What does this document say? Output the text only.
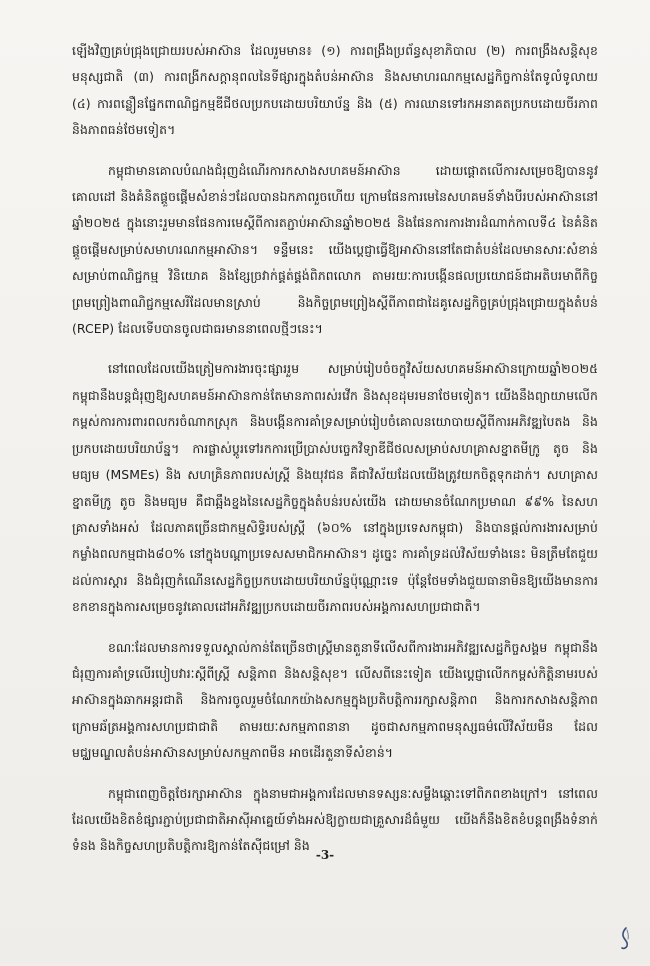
ឡើងវិញគ្រប់ជ្រុងជ្រោយរបស់អាស៊ាន ដែលរួមមាន៖ (១) ការពង្រឹងប្រព័ន្ធសុខាភិបាល (២) ការពង្រឹងសន្តិសុខមនុស្សជាតិ (៣) ការពង្រីកសក្តានុពលនៃទីផ្សារក្នុងតំបន់អាស៊ាន និងសមាហរណកម្មសេដ្ឋកិច្ចកាន់តែទូលំទូលាយ (៤) ការពន្លឿនផ្នែកពាណិជ្ជកម្មឌីជីថលប្រកបដោយបរិយាប័ន្ន និង (៥) ការឈានទៅរកអនាគតប្រកបដោយចីរភាព និងភាពធន់ថែមទៀត។

កម្ពុជាមានគោលបំណងជំរុញដំណើរការកសាងសហគមន៍អាស៊ាន ដោយផ្តោតលើការសម្រេចឱ្យបាននូវគោលដៅ និងគំនិតផ្តួចផ្តើមសំខាន់ៗដែលបានឯកភាពរួចហើយ ក្រោមផែនការមេនៃសហគមន៍ទាំងបីរបស់អាស៊ាននៅឆ្នាំ២០២៥ ក្នុងនោះរួមមានផែនការមេស្តីពីការតភ្ជាប់អាស៊ានឆ្នាំ២០២៥ និងផែនការការងារដំណាក់កាលទី៤ នៃគំនិតផ្តួចផ្តើមសម្រាប់សមាហរណកម្មអាស៊ាន។ ទន្ទឹមនេះ យើងប្តេជ្ញាធ្វើឱ្យអាស៊ាននៅតែជាតំបន់ដែលមានសារៈសំខាន់សម្រាប់ពាណិជ្ជកម្ម វិនិយោគ និងខ្សែច្រវាក់ផ្គត់ផ្គង់ពិភពលោក តាមរយៈការបង្កើនផលប្រយោជន៍ជាអតិបរមាពីកិច្ចព្រមព្រៀងពាណិជ្ជកម្មសេរីដែលមានស្រាប់ និងកិច្ចព្រមព្រៀងស្តីពីភាពជាដៃគូសេដ្ឋកិច្ចគ្រប់ជ្រុងជ្រោយក្នុងតំបន់ (RCEP) ដែលទើបបានចូលជាធរមាននាពេលថ្មីៗនេះ។

នៅពេលដែលយើងត្រៀមការងារចុះផ្សាររួម សម្រាប់រៀបចំចក្ខុវិស័យសហគមន៍អាស៊ានក្រោយឆ្នាំ២០២៥ កម្ពុជានឹងបន្តជំរុញឱ្យសហគមន៍អាស៊ានកាន់តែមានភាពរស់រវើក និងសុខដុមរមនាថែមទៀត។ យើងនឹងព្យាយាមលើកកម្ពស់ការការពារពលករចំណាកស្រុក និងបង្កើនការគាំទ្រសម្រាប់រៀបចំគោលនយោបាយស្តីពីការអភិវឌ្ឍបៃតង និងប្រកបដោយបរិយាប័ន្ន។ ការផ្លាស់ប្តូរទៅរកការប្រើប្រាស់បច្ចេកវិទ្យាឌីជីថលសម្រាប់សហគ្រាសខ្នាតមីក្រូ តូច និងមធ្យម (MSMEs) និង សហគ្រិនភាពរបស់ស្ត្រី និងយុវជន គឺជាវិស័យដែលយើងត្រូវយកចិត្តទុកដាក់។ សហគ្រាសខ្នាតមីក្រូ តូច និងមធ្យម គឺជាឆ្អឹងខ្នងនៃសេដ្ឋកិច្ចក្នុងតំបន់របស់យើង ដោយមានចំណែកប្រមាណ ៩៩% នៃសហគ្រាសទាំងអស់ ដែលភាគច្រើនជាកម្មសិទ្ធិរបស់ស្ត្រី (៦០% នៅក្នុងប្រទេសកម្ពុជា) និងបានផ្តល់ការងារសម្រាប់កម្លាំងពលកម្មជាង៨០% នៅក្នុងបណ្តាប្រទេសសមាជិកអាស៊ាន។ ដូច្នេះ ការគាំទ្រដល់វិស័យទាំងនេះ មិនត្រឹមតែជួយដល់ការស្តារ និងជំរុញកំណើនសេដ្ឋកិច្ចប្រកបដោយបរិយាប័ន្នប៉ុណ្ណោះទេ ប៉ុន្តែថែមទាំងជួយធានាមិនឱ្យយើងមានការខកខានក្នុងការសម្រេចនូវគោលដៅអភិវឌ្ឍប្រកបដោយចីរភាពរបស់អង្គការសហប្រជាជាតិ។

ខណៈដែលមានការទទួលស្គាល់កាន់តែច្រើនថាស្ត្រីមានតួនាទីលើសពីការងារអភិវឌ្ឍសេដ្ឋកិច្ចសង្គម កម្ពុជានឹងជំរុញការគាំទ្រលើរបៀបវារៈស្តីពីស្ត្រី សន្តិភាព និងសន្តិសុខ។ លើសពីនេះទៀត យើងប្តេជ្ញាលើកកម្ពស់កិត្តិនាមរបស់អាស៊ានក្នុងឆាកអន្តរជាតិ និងការចូលរួមចំណែកយ៉ាងសកម្មក្នុងប្រតិបត្តិការរក្សាសន្តិភាព និងការកសាងសន្តិភាពក្រោមឆ័ត្រអង្គការសហប្រជាជាតិ តាមរយៈសកម្មភាពនានា ដូចជាសកម្មភាពមនុស្សធម៌លើវិស័យមីន ដែលមជ្ឈមណ្ឌលតំបន់អាស៊ានសម្រាប់សកម្មភាពមីន អាចដើរតួនាទីសំខាន់។

កម្ពុជាពេញចិត្តថែរក្សាអាស៊ាន ក្នុងនាមជាអង្គការដែលមានទស្សនៈសម្លឹងឆ្ពោះទៅពិភពខាងក្រៅ។ នៅពេលដែលយើងខិតខំផ្សារភ្ជាប់ប្រជាជាតិអាស៊ីអាគ្នេយ៍ទាំងអស់ឱ្យក្លាយជាគ្រួសារដ៏ធំមួយ យើងក៏នឹងខិតខំបន្តពង្រឹងទំនាក់ទំនង និងកិច្ចសហប្រតិបត្តិការឱ្យកាន់តែស៊ីជម្រៅ និង

-3-
